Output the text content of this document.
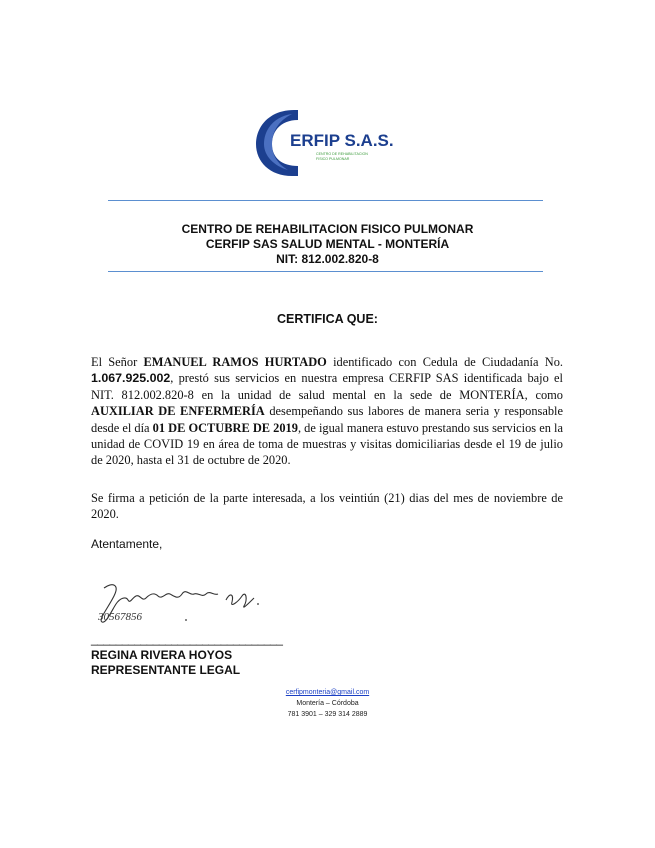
ERFIP S.A.S.
CENTRO DE REHABILITACION
FISICO PULMONAR
CENTRO DE REHABILITACION FISICO PULMONAR
CERFIP SAS SALUD MENTAL - MONTERÍA
NIT: 812.002.820-8
CERTIFICA QUE:
El Señor EMANUEL RAMOS HURTADO identificado con Cedula de Ciudadanía No. 1.067.925.002, prestó sus servicios en nuestra empresa CERFIP SAS identificada bajo el NIT. 812.002.820-8 en la unidad de salud mental en la sede de MONTERÍA, como AUXILIAR DE ENFERMERÍA desempeñando sus labores de manera seria y responsable desde el día 01 DE OCTUBRE DE 2019, de igual manera estuvo prestando sus servicios en la unidad de COVID 19 en área de toma de muestras y visitas domiciliarias desde el 19 de julio de 2020, hasta el 31 de octubre de 2020.
Se firma a petición de la parte interesada, a los veintiún (21) dias del mes de noviembre de 2020.
Atentamente,
30567856
_______________________________
REGINA RIVERA HOYOS
REPRESENTANTE LEGAL
cerfipmonteria@gmail.com
Montería – Córdoba
781 3901 – 329 314 2889
